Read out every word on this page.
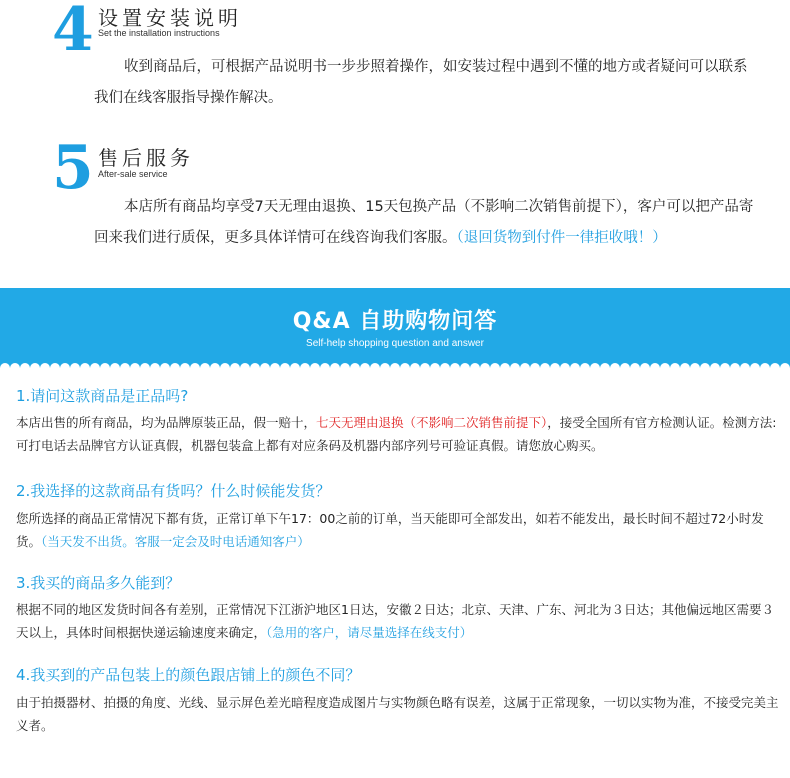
4 设置安装说明
Set the installation instructions
收到商品后，可根据产品说明书一步步照着操作，如安装过程中遇到不懂的地方或者疑问可以联系我们在线客服指导操作解决。
5 售后服务
After-sale service
本店所有商品均享受7天无理由退换、15天包换产品（不影响二次销售前提下），客户可以把产品寄回来我们进行质保，更多具体详情可在线咨询我们客服。（退回货物到付件一律拒收哦！）
Q&A 自助购物问答
Self-help shopping question and answer
1.请问这款商品是正品吗?
本店出售的所有商品，均为品牌原装正品，假一赔十，七天无理由退换（不影响二次销售前提下），接受全国所有官方检测认证。检测方法:可打电话去品牌官方认证真假，机器包装盒上都有对应条码及机器内部序列号可验证真假。请您放心购买。
2.我选择的这款商品有货吗？什么时候能发货？
您所选择的商品正常情况下都有货，正常订单下午17：00之前的订单，当天能即可全部发出，如若不能发出，最长时间不超过72小时发货。（当天发不出货。客服一定会及时电话通知客户）
3.我买的商品多久能到？
根据不同的地区发货时间各有差别，正常情况下江浙沪地区1日达，安徽２日达；北京、天津、广东、河北为３日达；其他偏远地区需要３天以上，具体时间根据快递运输速度来确定，（急用的客户，请尽量选择在线支付）
4.我买到的产品包装上的颜色跟店铺上的颜色不同？
由于拍摄器材、拍摄的角度、光线、显示屏色差光暗程度造成图片与实物颜色略有误差，这属于正常现象，一切以实物为准，不接受完美主义者。
